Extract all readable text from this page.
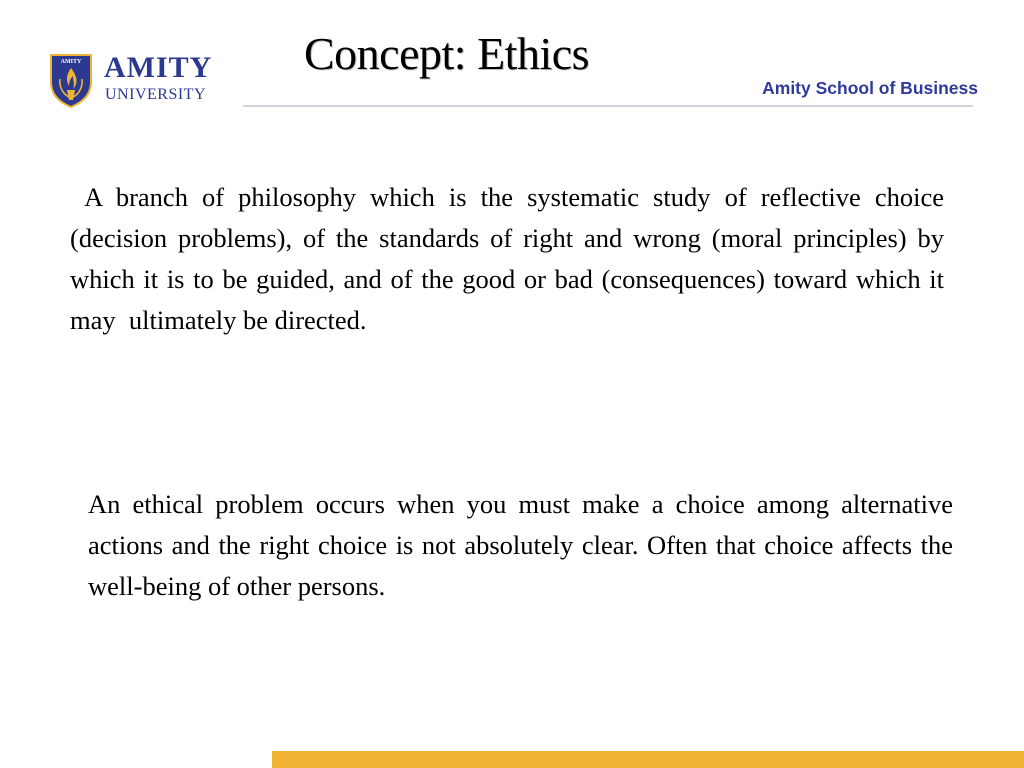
AMITY AMITY
UNIVERSITY
Concept: Ethics
Amity School of Business

A branch of philosophy which is the systematic study of reflective choice (decision problems), of the standards of right and wrong (moral principles) by which it is to be guided, and of the good or bad (consequences) toward which it may  ultimately be directed.

An ethical problem occurs when you must make a choice among alternative actions and the right choice is not absolutely clear. Often that choice affects the well-being of other persons.
